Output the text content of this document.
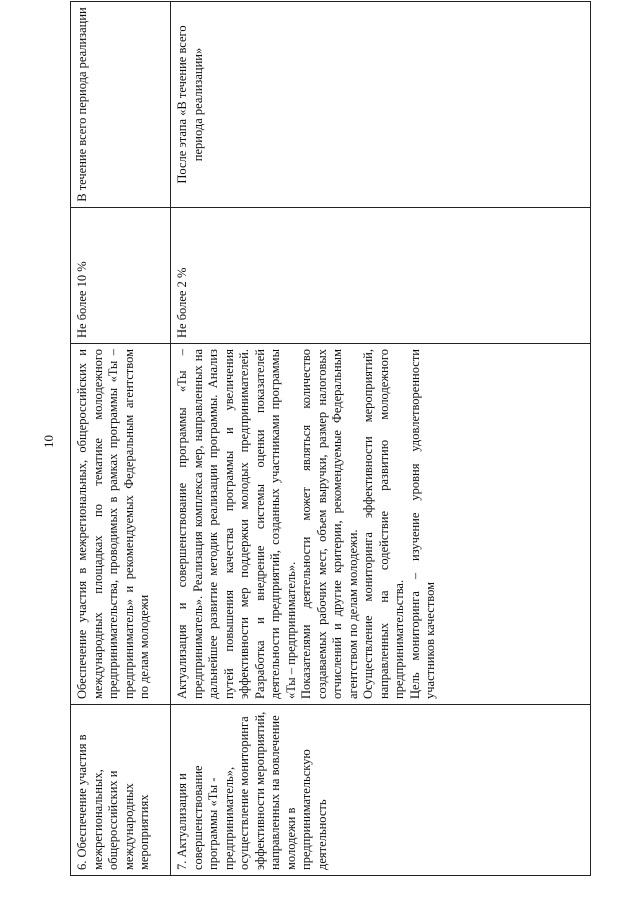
10
6. Обеспечение участия в межрегиональных, общероссийских и международных мероприятиях	Обеспечение участия в межрегиональных, общероссийских и международных площадках по тематике молодежного предпринимательства, проводимых в рамках программы «Ты – предприниматель» и рекомендуемых Федеральным агентством по делам молодежи	Не более 10 %	В течение всего периода реализации
7. Актуализация и совершенствование программы «Ты - предприниматель», осуществление мониторинга эффективности мероприятий, направленных на вовлечение молодежи в предпринимательскую деятельность	Актуализация и совершенствование программы «Ты – предприниматель». Реализация комплекса мер, направленных на дальнейшее развитие методик реализации программы. Анализ путей повышения качества программы и увеличения эффективности мер поддержки молодых предпринимателей. Разработка и внедрение системы оценки показателей деятельности предприятий, созданных участниками программы «Ты – предприниматель». Показателями деятельности может являться количество создаваемых рабочих мест, объем выручки, размер налоговых отчислений и другие критерии, рекомендуемые Федеральным агентством по делам молодежи. Осуществление мониторинга эффективности мероприятий, направленных на содействие развитию молодежного предпринимательства. Цель мониторинга – изучение уровня удовлетворенности участников качеством	Не более 2 %	После этапа «В течение всего периода реализации»
